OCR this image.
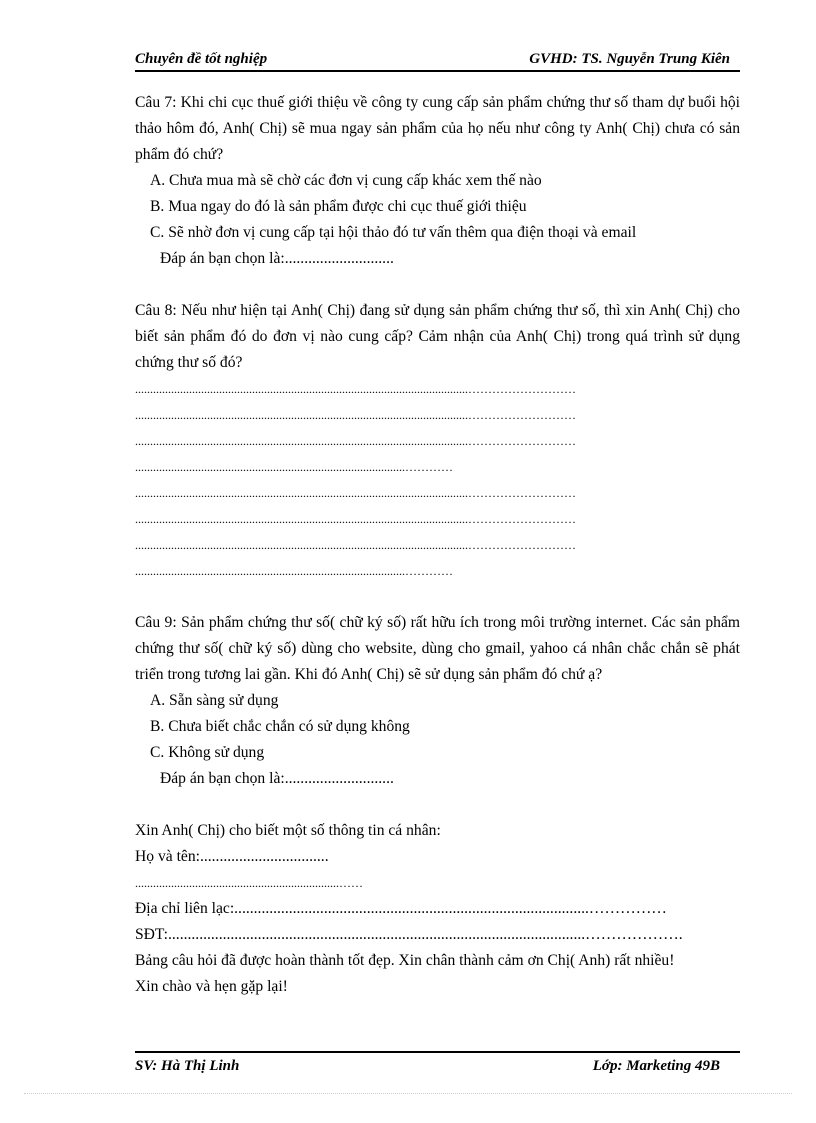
Chuyên đề tốt nghiệp	GVHD: TS. Nguyễn Trung Kiên

Câu 7: Khi chi cục thuế giới thiệu về công ty cung cấp sản phẩm chứng thư số tham dự buổi hội thảo hôm đó, Anh( Chị) sẽ mua ngay sản phẩm của họ nếu như công ty Anh( Chị) chưa có sản phẩm đó chứ?

A. Chưa mua mà sẽ chờ các đơn vị cung cấp khác xem thế nào
B. Mua ngay do đó là sản phẩm được chi cục thuế giới thiệu
C. Sẽ nhờ đơn vị cung cấp tại hội thảo đó tư vấn thêm qua điện thoại và email
Đáp án bạn chọn là:............................

Câu 8: Nếu như hiện tại Anh( Chị) đang sử dụng sản phẩm chứng thư số, thì xin Anh( Chị) cho biết sản phẩm đó do đơn vị nào cung cấp? Cảm nhận của Anh( Chị) trong quá trình sử dụng chứng thư số đó?

...............................................................................................................………………………
...............................................................................................................………………………
...............................................................................................................………………………
..........................................................................................…………
...............................................................................................................………………………
...............................................................................................................………………………
...............................................................................................................………………………
..........................................................................................…………

Câu 9: Sản phẩm chứng thư số( chữ ký số) rất hữu ích trong môi trường internet. Các sản phẩm chứng thư số( chữ ký số) dùng cho website, dùng cho gmail, yahoo cá nhân chắc chắn sẽ phát triển trong tương lai gần. Khi đó Anh( Chị) sẽ sử dụng sản phẩm đó chứ ạ?

A. Sẵn sàng sử dụng
B. Chưa biết chắc chắn có sử dụng không
C. Không sử dụng
Đáp án bạn chọn là:............................
Xin Anh( Chị) cho biết một số thông tin cá nhân:
Họ và tên:.................................
....................................................................……
Địa chỉ liên lạc:...........................................................................................……………
SĐT:...........................................................................................................……………….

Bảng câu hỏi đã được hoàn thành tốt đẹp. Xin chân thành cảm ơn Chị( Anh) rất nhiều!

Xin chào và hẹn gặp lại!
SV: Hà Thị Linh	Lớp: Marketing 49B
